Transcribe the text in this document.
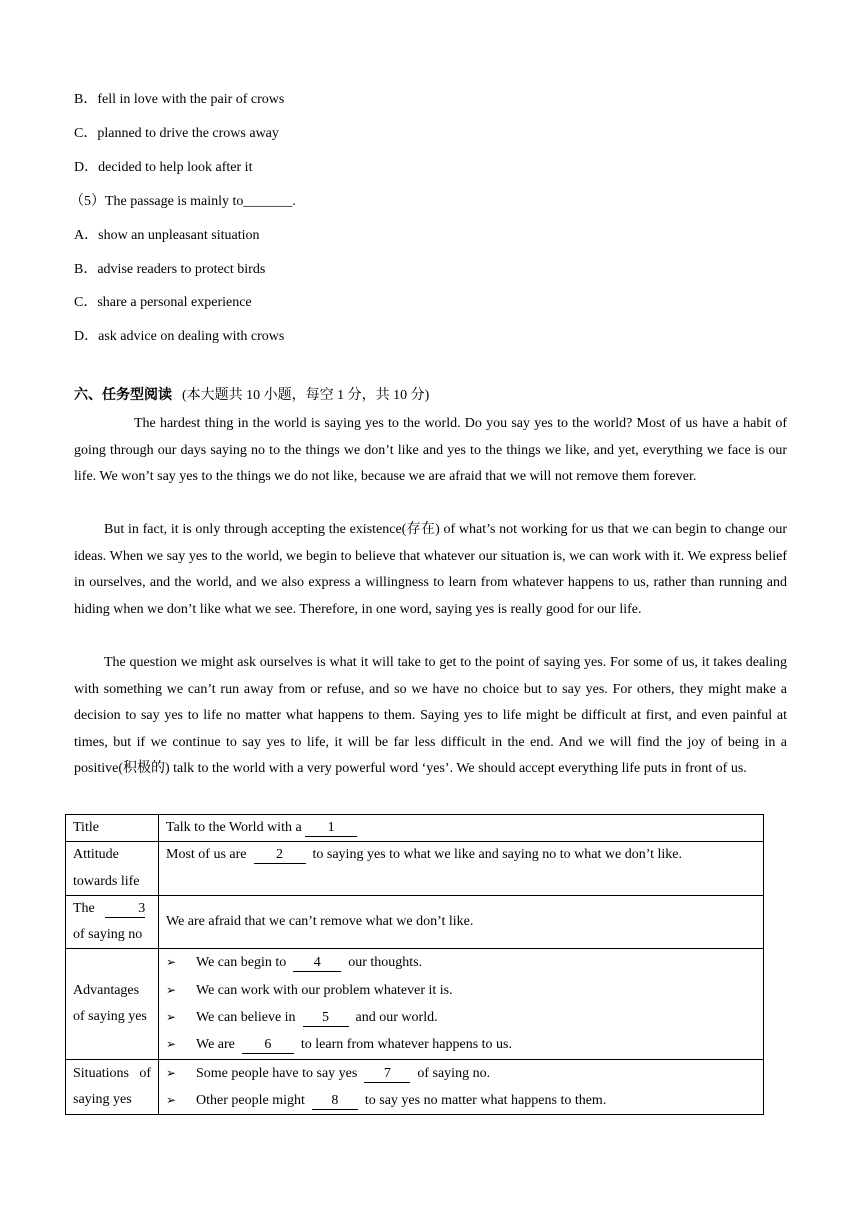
B．fell in love with the pair of crows
C．planned to drive the crows away
D．decided to help look after it
（5）The passage is mainly to_______.
A．show an unpleasant situation
B．advise readers to protect birds
C．share a personal experience
D．ask advice on dealing with crows
六、任务型阅读 (本大题共 10 小题，每空 1 分，共 10 分)
The hardest thing in the world is saying yes to the world. Do you say yes to the world? Most of us have a habit of going through our days saying no to the things we don’t like and yes to the things we like, and yet, everything we face is our life. We won’t say yes to the things we do not like, because we are afraid that we will not remove them forever.
But in fact, it is only through accepting the existence(存在) of what’s not working for us that we can begin to change our ideas. When we say yes to the world, we begin to believe that whatever our situation is, we can work with it. We express belief in ourselves, and the world, and we also express a willingness to learn from whatever happens to us, rather than running and hiding when we don’t like what we see. Therefore, in one word, saying yes is really good for our life.
The question we might ask ourselves is what it will take to get to the point of saying yes. For some of us, it takes dealing with something we can’t run away from or refuse, and so we have no choice but to say yes. For others, they might make a decision to say yes to life no matter what happens to them. Saying yes to life might be difficult at first, and even painful at times, but if we continue to say yes to life, it will be far less difficult in the end. And we will find the joy of being in a positive(积极的) talk to the world with a very powerful word ‘yes’. We should accept everything life puts in front of us.
Title	Talk to the World with a 1
Attitude towards life	Most of us are 2 to saying yes to what we like and saying no to what we don’t like.
The 3
of saying no	We are afraid that we can’t remove what we don’t like.
Advantages of saying yes	➢ We can begin to 4 our thoughts.
➢ We can work with our problem whatever it is.
➢ We can believe in 5 and our world.
➢ We are 6 to learn from whatever happens to us.

Situations of saying yes	➢ Some people have to say yes 7 of saying no.
➢ Other people might 8 to say yes no matter what happens to them.
